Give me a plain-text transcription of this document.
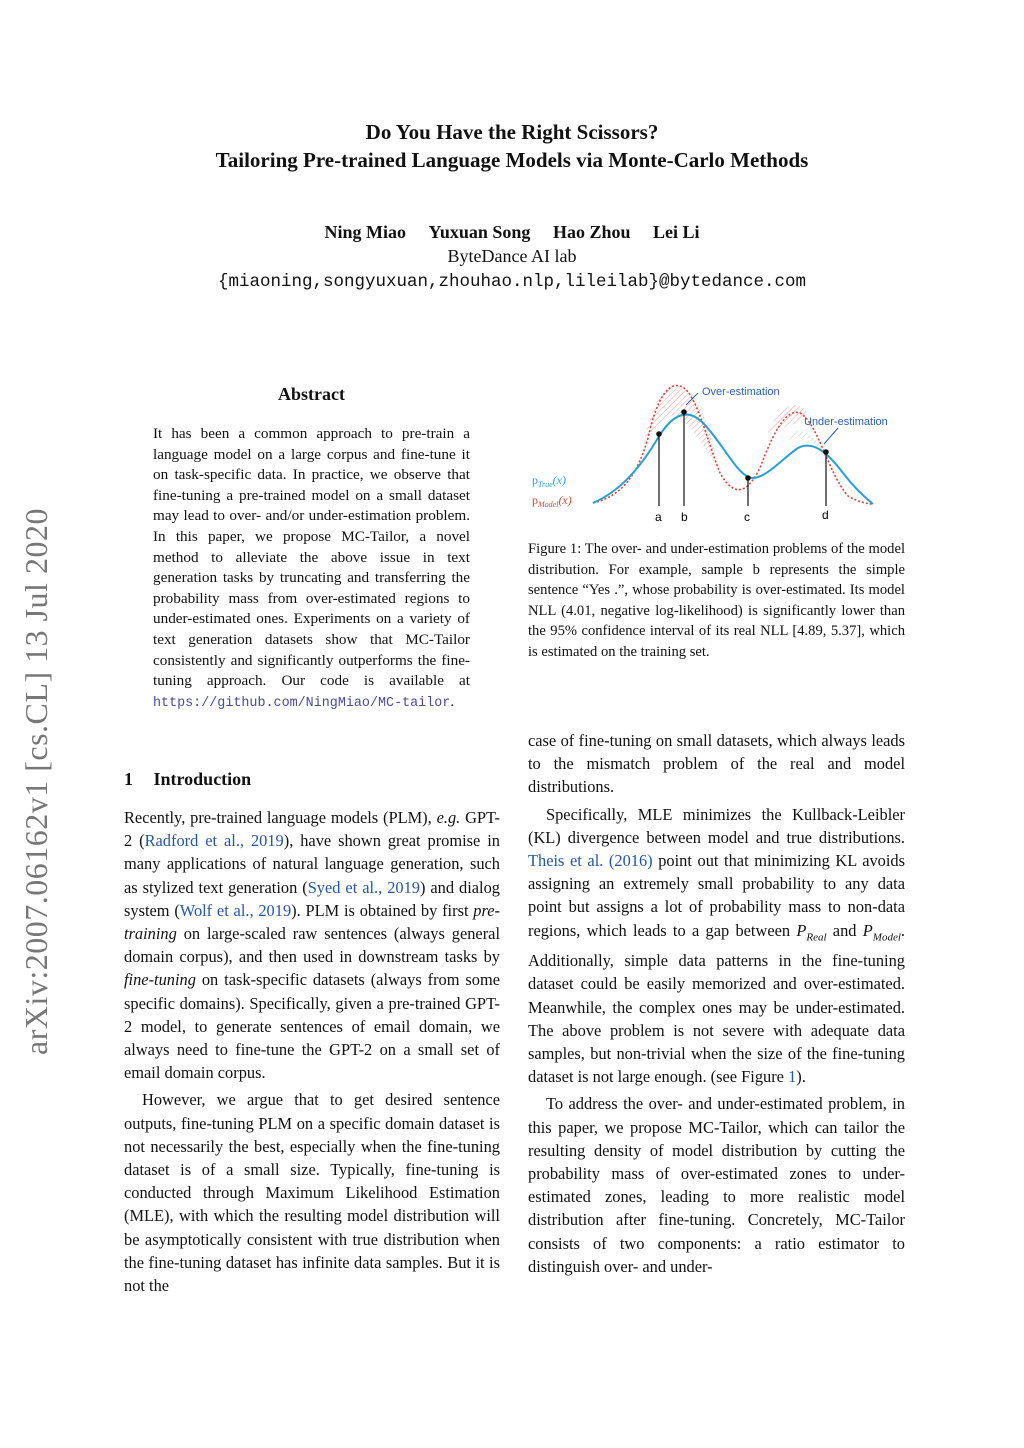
Do You Have the Right Scissors?
Tailoring Pre-trained Language Models via Monte-Carlo Methods
Ning Miao Yuxuan Song Hao Zhou Lei Li
ByteDance AI lab
{miaoning,songyuxuan,zhouhao.nlp,lileilab}@bytedance.com
arXiv:2007.06162v1 [cs.CL] 13 Jul 2020
Abstract
It has been a common approach to pre-train a language model on a large corpus and fine-tune it on task-specific data. In practice, we observe that fine-tuning a pre-trained model on a small dataset may lead to over- and/or under-estimation problem. In this paper, we propose MC-Tailor, a novel method to alleviate the above issue in text generation tasks by truncating and transferring the probability mass from over-estimated regions to under-estimated ones. Experiments on a variety of text generation datasets show that MC-Tailor consistently and significantly outperforms the fine-tuning approach. Our code is available at https://github.com/NingMiao/MC-tailor.
1 Introduction

Recently, pre-trained language models (PLM), e.g. GPT-2 (Radford et al., 2019), have shown great promise in many applications of natural language generation, such as stylized text generation (Syed et al., 2019) and dialog system (Wolf et al., 2019). PLM is obtained by first pre-training on large-scaled raw sentences (always general domain corpus), and then used in downstream tasks by fine-tuning on task-specific datasets (always from some specific domains). Specifically, given a pre-trained GPT-2 model, to generate sentences of email domain, we always need to fine-tune the GPT-2 on a small set of email domain corpus.

However, we argue that to get desired sentence outputs, fine-tuning PLM on a specific domain dataset is not necessarily the best, especially when the fine-tuning dataset is of a small size. Typically, fine-tuning is conducted through Maximum Likelihood Estimation (MLE), with which the resulting model distribution will be asymptotically consistent with true distribution when the fine-tuning dataset has infinite data samples. But it is not the

Over-estimation
Under-estimation
$p_{True}(x)$
$p_{Model}(x)$
a b	c	d
Figure 1: The over- and under-estimation problems of the model distribution. For example, sample b represents the simple sentence “Yes .”, whose probability is over-estimated. Its model NLL (4.01, negative log-likelihood) is significantly lower than the 95% confidence interval of its real NLL [4.89, 5.37], which is estimated on the training set.

case of fine-tuning on small datasets, which always leads to the mismatch problem of the real and model distributions.

Specifically, MLE minimizes the Kullback-Leibler (KL) divergence between model and true distributions. Theis et al. (2016) point out that minimizing KL avoids assigning an extremely small probability to any data point but assigns a lot of probability mass to non-data regions, which leads to a gap between $P_{Real}$ and $P_{Model}$. Additionally, simple data patterns in the fine-tuning dataset could be easily memorized and over-estimated. Meanwhile, the complex ones may be under-estimated. The above problem is not severe with adequate data samples, but non-trivial when the size of the fine-tuning dataset is not large enough. (see Figure 1).

To address the over- and under-estimated problem, in this paper, we propose MC-Tailor, which can tailor the resulting density of model distribution by cutting the probability mass of over-estimated zones to under-estimated zones, leading to more realistic model distribution after fine-tuning. Concretely, MC-Tailor consists of two components: a ratio estimator to distinguish over- and under-
